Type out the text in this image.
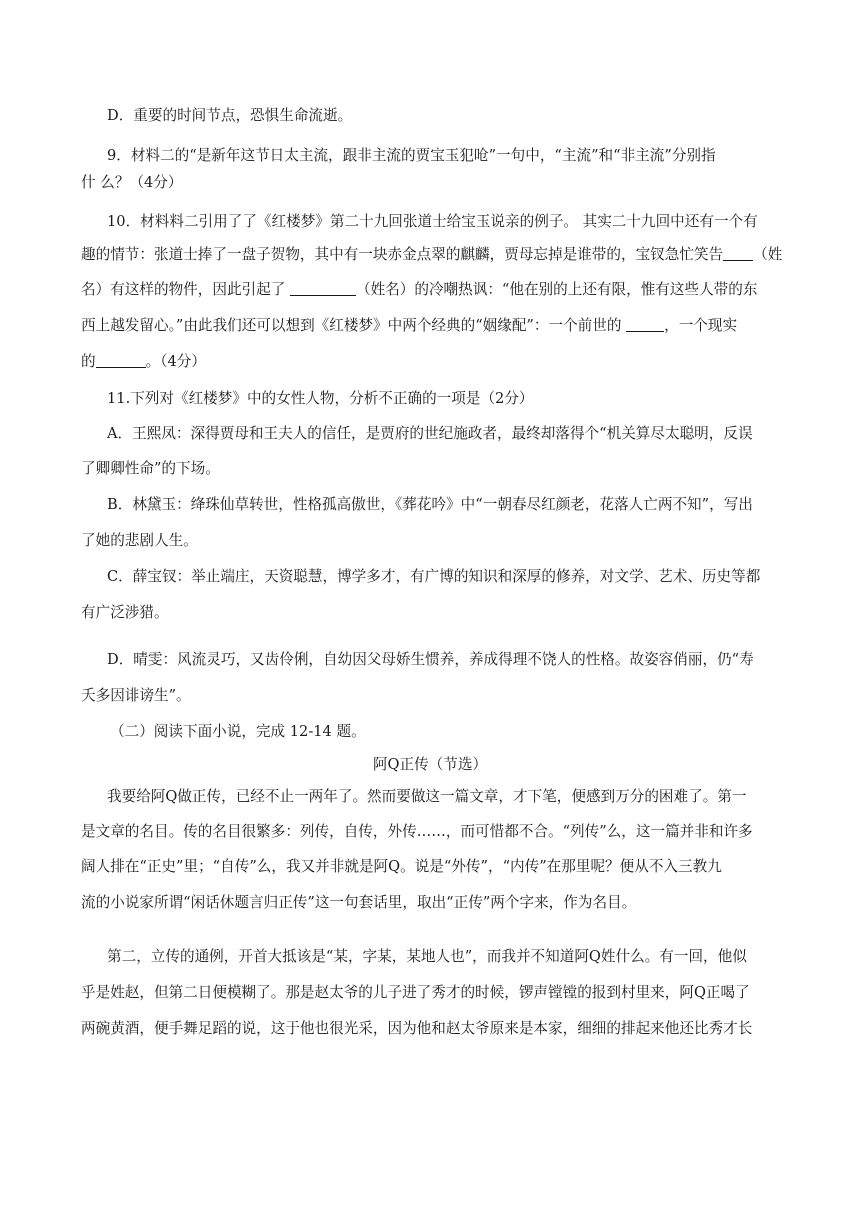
D．重要的时间节点，恐惧生命流逝。
9．材料二的“是新年这节日太主流，跟非主流的贾宝玉犯呛”一句中，“主流”和“非主流”分别指
什 么？（4分）
10．材料料二引用了了《红楼梦》第二十九回张道士给宝玉说亲的例子。 其实二十九回中还有一个有
趣的情节：张道士捧了一盘子贺物，其中有一块赤金点翠的麒麟，贾母忘掉是谁带的，宝钗急忙笑告 （姓
名）有这样的物件，因此引起了	（姓名）的冷嘲热讽：“他在别的上还有限，惟有这些人带的东
西上越发留心。”由此我们还可以想到《红楼梦》中两个经典的“姻缘配”：一个前世的	，一个现实
的	。（4分）
11.下列对《红楼梦》中的女性人物，分析不正确的一项是（2分）
A．王熙凤：深得贾母和王夫人的信任，是贾府的世纪施政者，最终却落得个“机关算尽太聪明，反误
了卿卿性命”的下场。
B．林黛玉：绛珠仙草转世，性格孤高傲世，《葬花吟》中“一朝春尽红颜老，花落人亡两不知”，写出
了她的悲剧人生。
C．薛宝钗：举止端庄，天资聪慧，博学多才，有广博的知识和深厚的修养，对文学、艺术、历史等都
有广泛涉猎。
D．晴雯：风流灵巧，又齿伶俐，自幼因父母娇生惯养，养成得理不饶人的性格。故姿容俏丽，仍“寿
夭多因诽谤生”。
（二）阅读下面小说，完成 12-14 题。
阿Q正传（节选）
我要给阿Q做正传，已经不止一两年了。然而要做这一篇文章，才下笔，便感到万分的困难了。第一
是文章的名目。传的名目很繁多：列传，自传，外传……，而可惜都不合。“列传”么，这一篇并非和许多
阔人排在“正史”里；“自传”么，我又并非就是阿Q。说是“外传”，“内传”在那里呢？便从不入三教九
流的小说家所谓“闲话休题言归正传”这一句套话里，取出“正传”两个字来，作为名目。
第二，立传的通例，开首大抵该是“某，字某，某地人也”，而我并不知道阿Q姓什么。有一回，他似
乎是姓赵，但第二日便模糊了。那是赵太爷的儿子进了秀才的时候，锣声镗镗的报到村里来，阿Q正喝了
两碗黄酒，便手舞足蹈的说，这于他也很光采，因为他和赵太爷原来是本家，细细的排起来他还比秀才长
